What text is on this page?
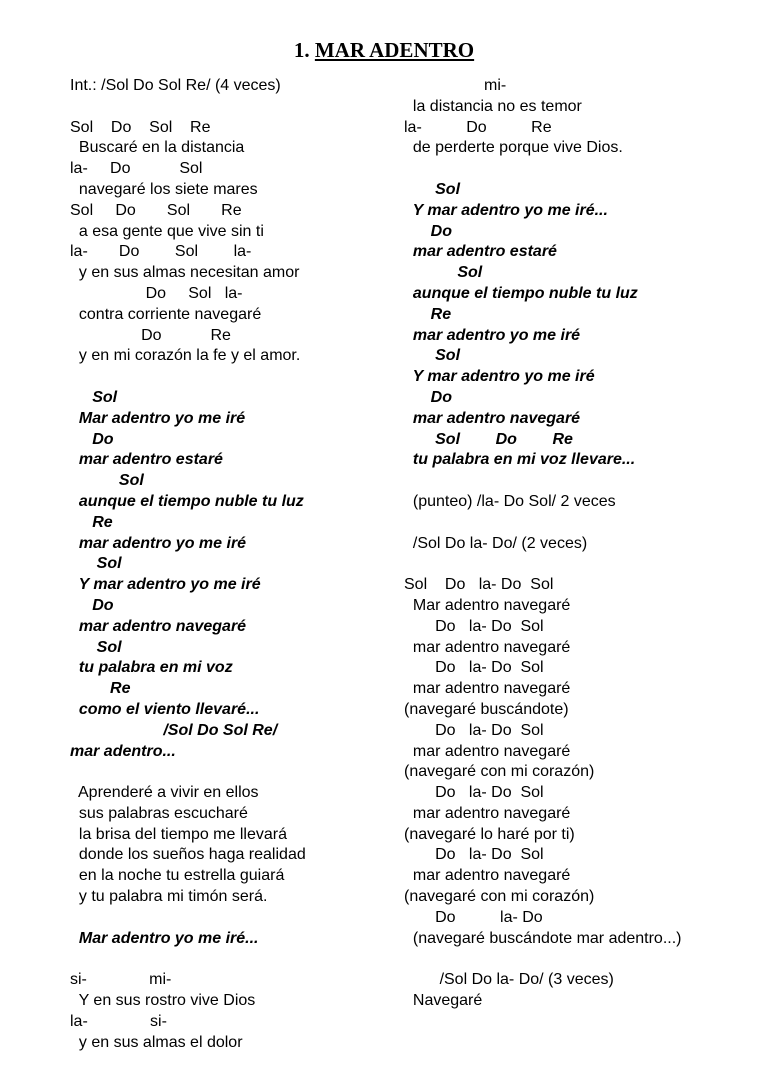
1. MAR ADENTRO
Int.: /Sol Do Sol Re/ (4 veces)
Sol    Do    Sol    Re
Buscaré en la distancia
la-     Do           Sol
navegaré los siete mares
Sol     Do       Sol       Re
a esa gente que vive sin ti
la-       Do        Sol        la-
y en sus almas necesitan amor
Do     Sol   la-
contra corriente navegaré
Do           Re
y en mi corazón la fe y el amor.
Sol
Mar adentro yo me iré
Do
mar adentro estaré
Sol
aunque el tiempo nuble tu luz
Re
mar adentro yo me iré
Sol
Y mar adentro yo me iré
Do
mar adentro navegaré
Sol
tu palabra en mi voz
Re
como el viento llevaré...
/Sol Do Sol Re/
mar adentro...
Aprenderé a vivir en ellos
sus palabras escucharé
la brisa del tiempo me llevará
donde los sueños haga realidad
en la noche tu estrella guiará
y tu palabra mi timón será.
Mar adentro yo me iré...
si-              mi-
Y en sus rostro vive Dios
la-              si-
y en sus almas el dolor
mi-
la distancia no es temor
la-          Do          Re
de perderte porque vive Dios.
Sol
Y mar adentro yo me iré...
Do
mar adentro estaré
Sol
aunque el tiempo nuble tu luz
Re
mar adentro yo me iré
Sol
Y mar adentro yo me iré
Do
mar adentro navegaré
Sol        Do        Re
tu palabra en mi voz llevare...
(punteo) /la- Do Sol/ 2 veces
/Sol Do la- Do/ (2 veces)
Sol    Do   la- Do  Sol
Mar adentro navegaré
Do   la- Do  Sol
mar adentro navegaré
Do   la- Do  Sol
mar adentro navegaré
(navegaré buscándote)
Do   la- Do  Sol
mar adentro navegaré
(navegaré con mi corazón)
Do   la- Do  Sol
mar adentro navegaré
(navegaré lo haré por ti)
Do   la- Do  Sol
mar adentro navegaré
(navegaré con mi corazón)
Do          la- Do
(navegaré buscándote mar adentro...)
/Sol Do la- Do/ (3 veces)
Navegaré
